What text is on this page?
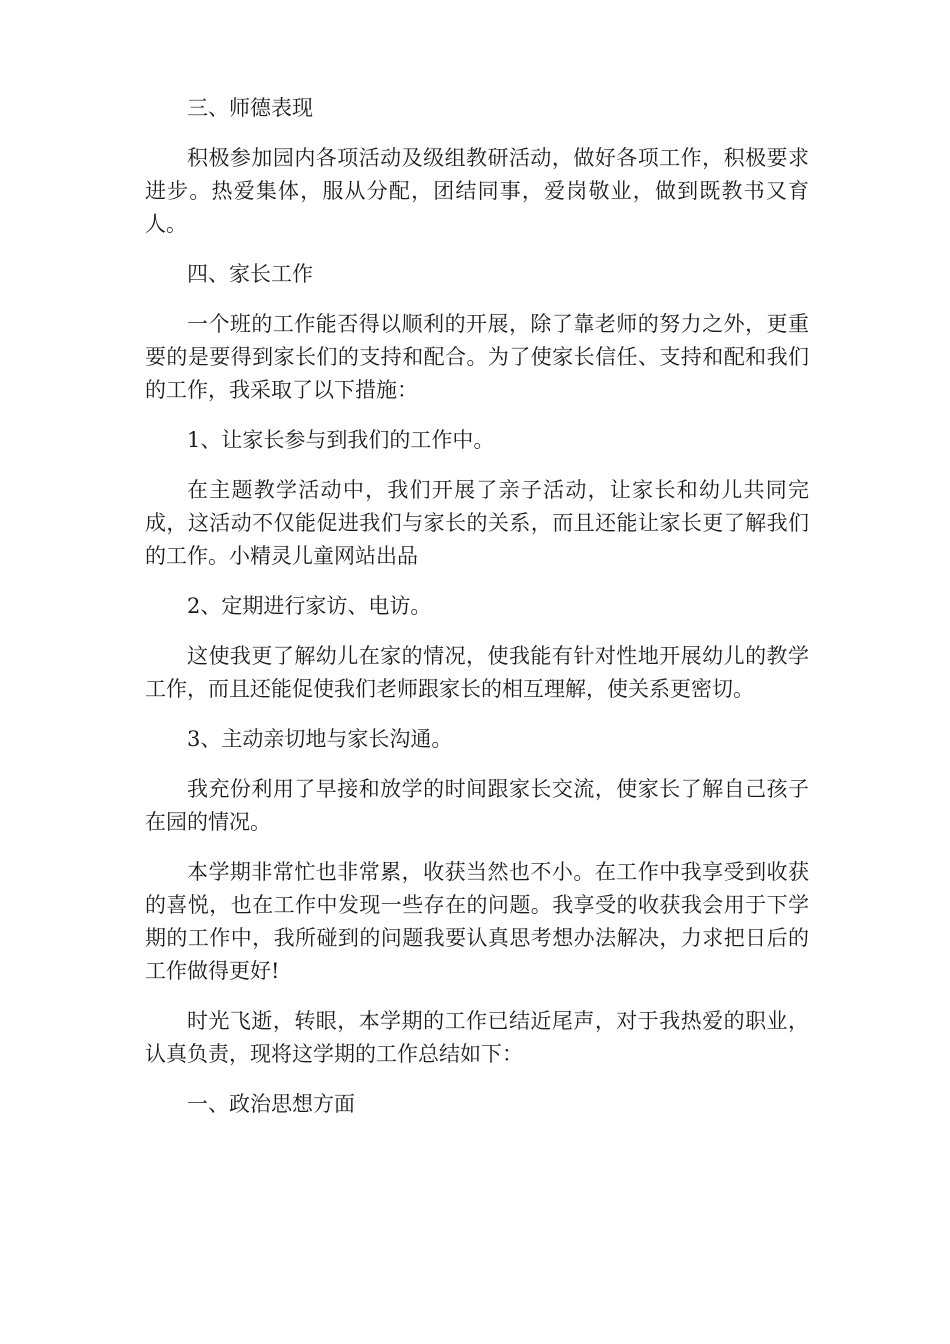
三、师德表现

积极参加园内各项活动及级组教研活动，做好各项工作，积极要求进步。热爱集体，服从分配，团结同事，爱岗敬业，做到既教书又育人。

四、家长工作

一个班的工作能否得以顺利的开展，除了靠老师的努力之外，更重要的是要得到家长们的支持和配合。为了使家长信任、支持和配和我们的工作，我采取了以下措施：

1、让家长参与到我们的工作中。

在主题教学活动中，我们开展了亲子活动，让家长和幼儿共同完成，这活动不仅能促进我们与家长的关系，而且还能让家长更了解我们的工作。小精灵儿童网站出品

2、定期进行家访、电访。

这使我更了解幼儿在家的情况，使我能有针对性地开展幼儿的教学工作，而且还能促使我们老师跟家长的相互理解，使关系更密切。

3、主动亲切地与家长沟通。

我充份利用了早接和放学的时间跟家长交流，使家长了解自己孩子在园的情况。

本学期非常忙也非常累，收获当然也不小。在工作中我享受到收获的喜悦，也在工作中发现一些存在的问题。我享受的收获我会用于下学期的工作中，我所碰到的问题我要认真思考想办法解决，力求把日后的工作做得更好!

时光飞逝，转眼，本学期的工作已结近尾声，对于我热爱的职业，认真负责，现将这学期的工作总结如下：

一、政治思想方面
